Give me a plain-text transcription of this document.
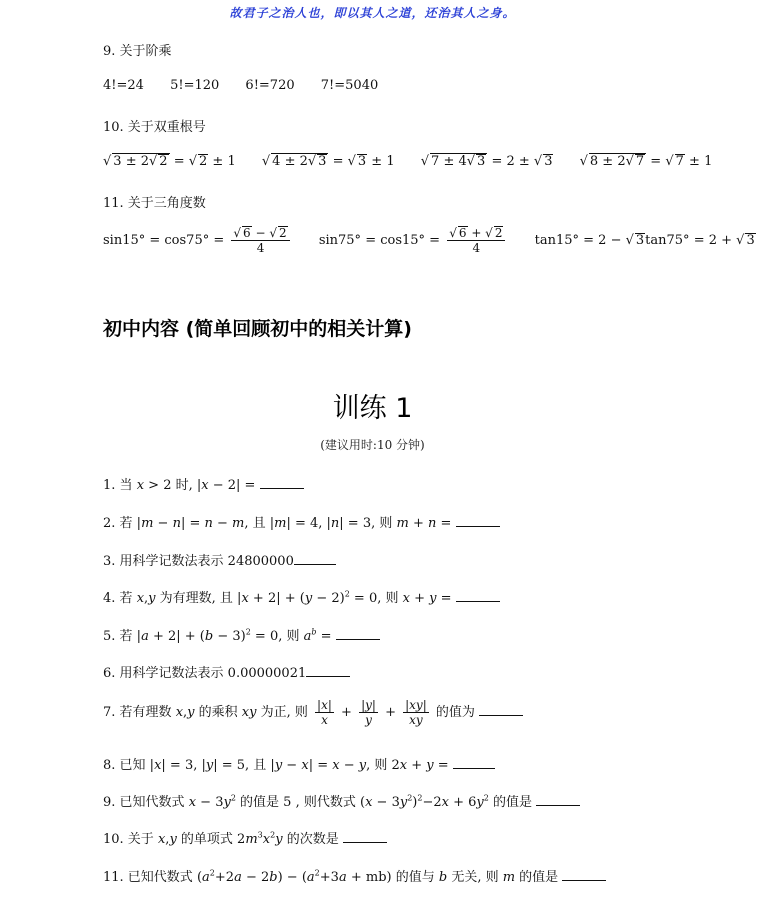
故君子之治人也，即以其人之道，还治其人之身。
9. 关于阶乘
4!=24 5!=120 6!=720 7!=5040
10. 关于双重根号
√ 3 ± 2√ 2 = √ 2 ± 1 √ 4 ± 2√ 3 = √ 3 ± 1 √ 7 ± 4√ 3 = 2 ± √ 3 √ 8 ± 2√ 7 = √ 7 ± 1
11. 关于三角度数
$\sin 15^\circ = \cos 75^\circ = \frac{√ 6 - √ 2}{4} \sin 75^\circ = \cos 15^\circ = \frac{√ 6 + √ 2}{4} \tan 15^\circ = 2$ − √ 3tan75° = 2 + √ 3
初中内容 (简单回顾初中的相关计算)
训练 1
(建议用时:10 分钟)
1. 当 x > 2 时, |x − 2| =
2. 若 |m − n| = n − m, 且 |m| = 4, |n| = 3, 则 m + n =
3. 用科学记数法表示 24800000
4. 若 x,y 为有理数, 且 $|x + 2| + (y - 2)^2 = 0$, 则 x + y =
5. 若 $|a + 2| + (b - 3)^2 = 0$, 则 $a^b$ =
6. 用科学记数法表示 0.00000021
7. 若有理数 x,y 的乘积 xy 为正, 则 $\frac{|x|}{x} + \frac{|y|}{y} + \frac{|xy|}{xy}$ 的值为
8. 已知 |x| = 3, |y| = 5, 且 |y − x| = x − y, 则 2x + y =
9. 已知代数式 $x - 3y^2$ 的值是 5 , 则代数式 $(x - 3y^2)^2-2x + 6y^2$ 的值是
10. 关于 x,y 的单项式 $2m^3x^2y$ 的次数是
11. 已知代数式 $(a^2+2a - 2b) - (a^2+3a + mb)$ 的值与 b 无关, 则 m 的值是
